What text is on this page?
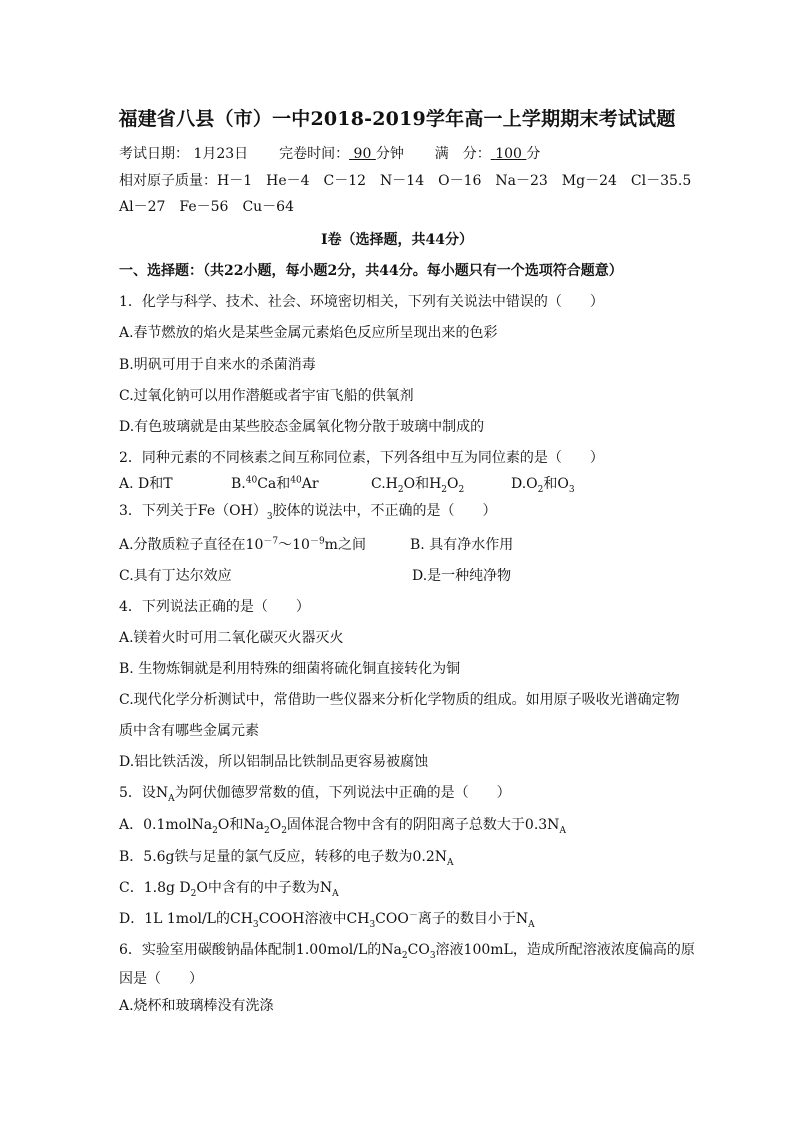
福建省八县（市）一中2018-2019学年高一上学期期末考试试题
考试日期： 1月23日 完卷时间： 90 分钟 满　分： 100 分
相对原子质量：H－1　He－4　C－12　N－14　O－16　Na－23　Mg－24　Cl－35.5
Al－27　Fe－56　Cu－64
I卷（选择题，共44分）
一、选择题：（共22小题，每小题2分，共44分。每小题只有一个选项符合题意）
1．化学与科学、技术、社会、环境密切相关，下列有关说法中错误的（　　）
A.春节燃放的焰火是某些金属元素焰色反应所呈现出来的色彩
B.明矾可用于自来水的杀菌消毒
C.过氧化钠可以用作潜艇或者宇宙飞船的供氧剂
D.有色玻璃就是由某些胶态金属氧化物分散于玻璃中制成的
2．同种元素的不同核素之间互称同位素，下列各组中互为同位素的是（　　）
A. D和T	B.$^{40}$Ca和$^{40}$Ar	$C.H_2O$和$H_2O_2$	$D.O_2$和$O_3$
3．下列关于$Fe(OH)_3$胶体的说法中，不正确的是（　　）
A.分散质粒子直径在$10^{-7}\sim 10^{-9}m$之间	B. 具有净水作用
C.具有丁达尔效应	D.是一种纯净物
4．下列说法正确的是（　　）
A.镁着火时可用二氧化碳灭火器灭火
B. 生物炼铜就是利用特殊的细菌将硫化铜直接转化为铜
C.现代化学分析测试中，常借助一些仪器来分析化学物质的组成。如用原子吸收光谱确定物
质中含有哪些金属元素
D.铝比铁活泼，所以铝制品比铁制品更容易被腐蚀
5．设$N_A$为阿伏伽德罗常数的值，下列说法中正确的是（　　）
A．0.1molNa$_2$O和$Na_2O_2$固体混合物中含有的阴阳离子总数大于$0.3N_A$
B．5.6g铁与足量的氯气反应，转移的电子数为$0.2N_A$
C．1.8g $D_2O$中含有的中子数为$N_A$
D．1L 1mol/L的$CH_3COOH$溶液中$CH_3COO^-$离子的数目小于$N_A$
6．实验室用碳酸钠晶体配制1.00mol/L的$Na_2CO_3$溶液100mL，造成所配溶液浓度偏高的原
因是（　　）
A.烧杯和玻璃棒没有洗涤
